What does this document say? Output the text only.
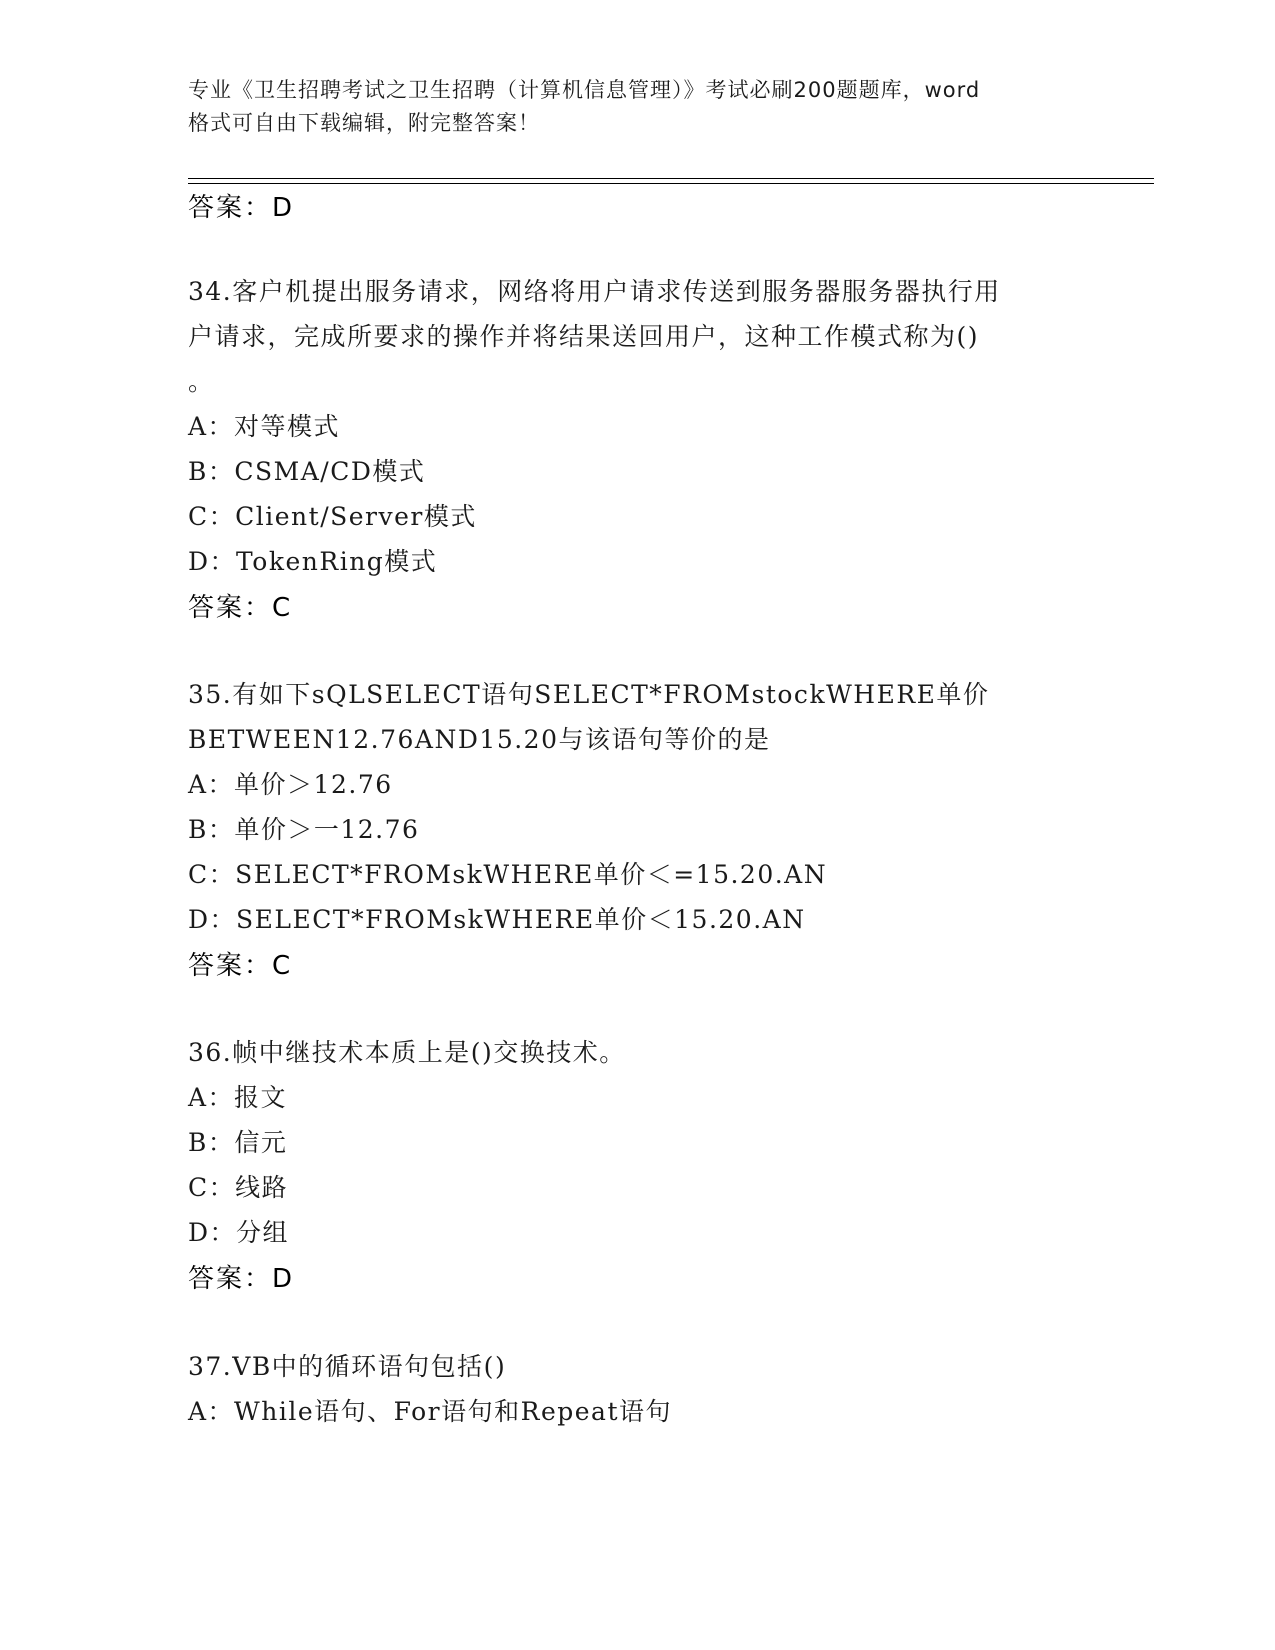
专业《卫生招聘考试之卫生招聘（计算机信息管理）》考试必刷200题题库，word
格式可自由下载编辑，附完整答案！
答案：D
34.客户机提出服务请求，网络将用户请求传送到服务器服务器执行用
户请求，完成所要求的操作并将结果送回用户，这种工作模式称为()
。
A：对等模式
B：CSMA/CD模式
C：Client/Server模式
D：TokenRing模式
答案：C
35.有如下sQLSELECT语句SELECT*FROMstockWHERE单价
BETWEEN12.76AND15.20与该语句等价的是
A：单价＞12.76
B：单价＞一12.76
C：SELECT*FROMskWHERE单价＜=15.20.AN
D：SELECT*FROMskWHERE单价＜15.20.AN
答案：C
36.帧中继技术本质上是()交换技术。
A：报文
B：信元
C：线路
D：分组
答案：D
37.VB中的循环语句包括()
A：While语句、For语句和Repeat语句
